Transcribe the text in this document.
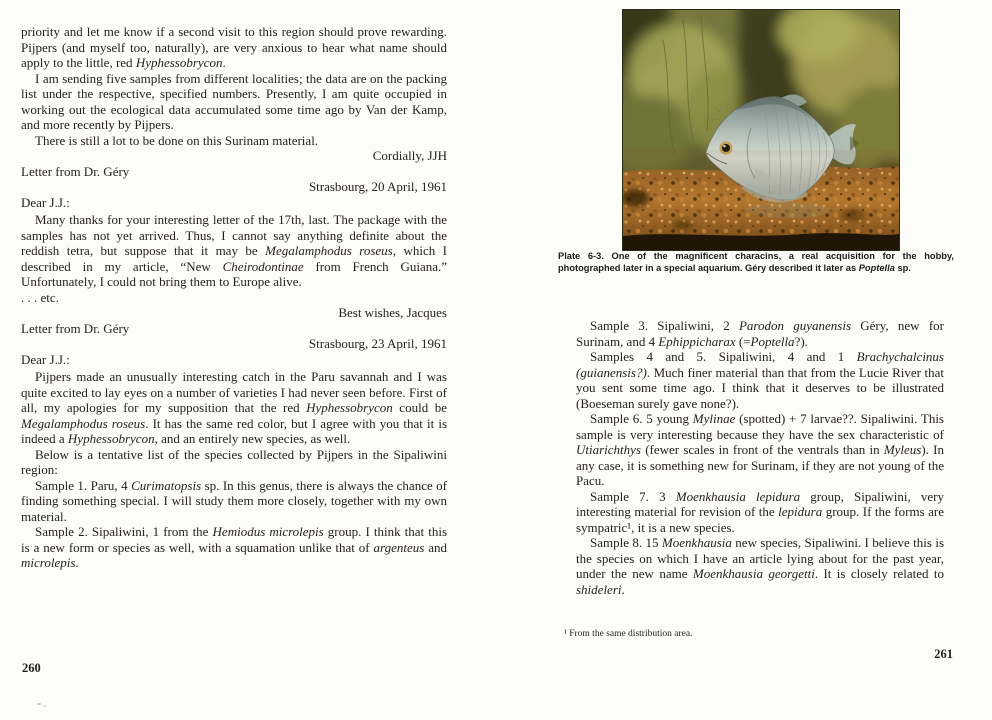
priority and let me know if a second visit to this region should prove rewarding. Pijpers (and myself too, naturally), are very anxious to hear what name should apply to the little, red Hyphessobrycon.

I am sending five samples from different localities; the data are on the packing list under the respective, specified numbers. Presently, I am quite occupied in working out the ecological data accumulated some time ago by Van der Kamp, and more recently by Pijpers.

There is still a lot to be done on this Surinam material.

Cordially, JJH

Letter from Dr. Géry

Strasbourg, 20 April, 1961

Dear J.J.:

Many thanks for your interesting letter of the 17th, last. The package with the samples has not yet arrived. Thus, I cannot say anything definite about the reddish tetra, but suppose that it may be Megalamphodus roseus, which I described in my article, “New Cheirodontinae from French Guiana.” Unfortunately, I could not bring them to Europe alive.

. . . etc.

Best wishes, Jacques

Letter from Dr. Géry

Strasbourg, 23 April, 1961

Dear J.J.:

Pijpers made an unusually interesting catch in the Paru savannah and I was quite excited to lay eyes on a number of varieties I had never seen before. First of all, my apologies for my supposition that the red Hyphessobrycon could be Megalamphodus roseus. It has the same red color, but I agree with you that it is indeed a Hyphessobrycon, and an entirely new species, as well.

Below is a tentative list of the species collected by Pijpers in the Sipaliwini region:

Sample 1. Paru, 4 Curimatopsis sp. In this genus, there is always the chance of finding something special. I will study them more closely, together with my own material.

Sample 2. Sipaliwini, 1 from the Hemiodus microlepis group. I think that this is a new form or species as well, with a squamation unlike that of argenteus and microlepis.

260

Plate 6-3. One of the magnificent characins, a real acquisition for the hobby, photographed later in a special aquarium. Géry described it later as Poptella sp.

Sample 3. Sipaliwini, 2 Parodon guyanensis Géry, new for Surinam, and 4 Ephippicharax (=Poptella?).

Samples 4 and 5. Sipaliwini, 4 and 1 Brachychalcinus (guianensis?). Much finer material than that from the Lucie River that you sent some time ago. I think that it deserves to be illustrated (Boeseman surely gave none?).

Sample 6. 5 young Mylinae (spotted) + 7 larvae??. Sipaliwini. This sample is very interesting because they have the sex characteristic of Utiarichthys (fewer scales in front of the ventrals than in Myleus). In any case, it is something new for Surinam, if they are not young of the Pacu.

Sample 7. 3 Moenkhausia lepidura group, Sipaliwini, very interesting material for revision of the lepidura group. If the forms are sympatric¹, it is a new species.

Sample 8. 15 Moenkhausia new species, Sipaliwini. I believe this is the species on which I have an article lying about for the past year, under the new name Moenkhausia georgetti. It is closely related to shideleri.

¹ From the same distribution area.
261
